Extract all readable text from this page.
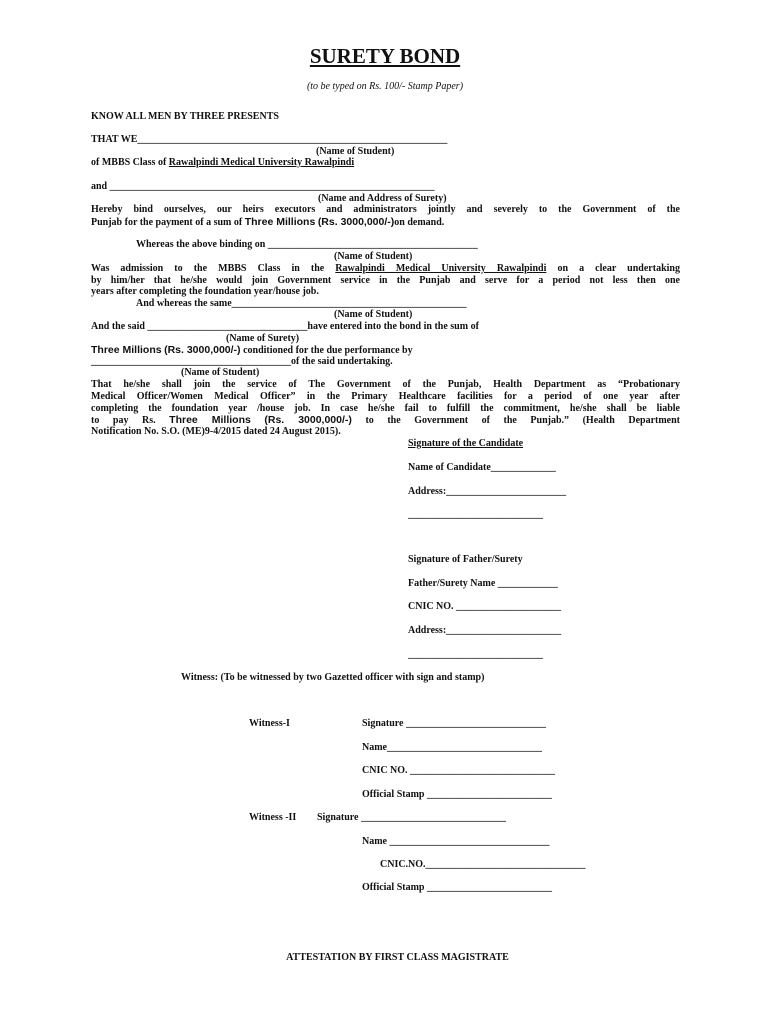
SURETY BOND
(to be typed on Rs. 100/- Stamp Paper)
KNOW ALL MEN BY THREE PRESENTS
THAT WE______________________________________________________________
(Name of Student)
of MBBS Class of Rawalpindi Medical University Rawalpindi
and _________________________________________________________________
(Name and Address of Surety)
Hereby bind ourselves, our heirs executors and administrators jointly and severely to the Government of the
Punjab for the payment of a sum of Three Millions (Rs. 3000,000/-)on demand.
Whereas the above binding on __________________________________________
(Name of Student)
Was admission to the MBBS Class in the Rawalpindi Medical University Rawalpindi on a clear undertaking
by him/her that he/she would join Government service in the Punjab and serve for a period not less then one
years after completing the foundation year/house job.
And whereas the same_______________________________________________
(Name of Student)
And the said ________________________________have entered into the bond in the sum of
(Name of Surety)
Three Millions (Rs. 3000,000/-) conditioned for the due performance by
________________________________________of the said undertaking.
(Name of Student)
That he/she shall join the service of The Government of the Punjab, Health Department as “Probationary
Medical Officer/Women Medical Officer” in the Primary Healthcare facilities for a period of one year after
completing the foundation year /house job. In case he/she fail to fulfill the commitment, he/she shall be liable
to pay Rs. Three Millions (Rs. 3000,000/-) to the Government of the Punjab.” (Health Department
Notification No. S.O. (ME)9-4/2015 dated 24 August 2015).
Signature of the Candidate
Name of Candidate_____________
Address:________________________
___________________________
Signature of Father/Surety
Father/Surety Name ____________
CNIC NO. _____________________
Address:_______________________
___________________________
Witness: (To be witnessed by two Gazetted officer with sign and stamp)
Witness-I	Signature ____________________________
Name_______________________________
CNIC NO. _____________________________
Official Stamp _________________________
Witness -II Signature _____________________________
Name ________________________________
CNIC.NO.________________________________
Official Stamp _________________________
ATTESTATION BY FIRST CLASS MAGISTRATE
